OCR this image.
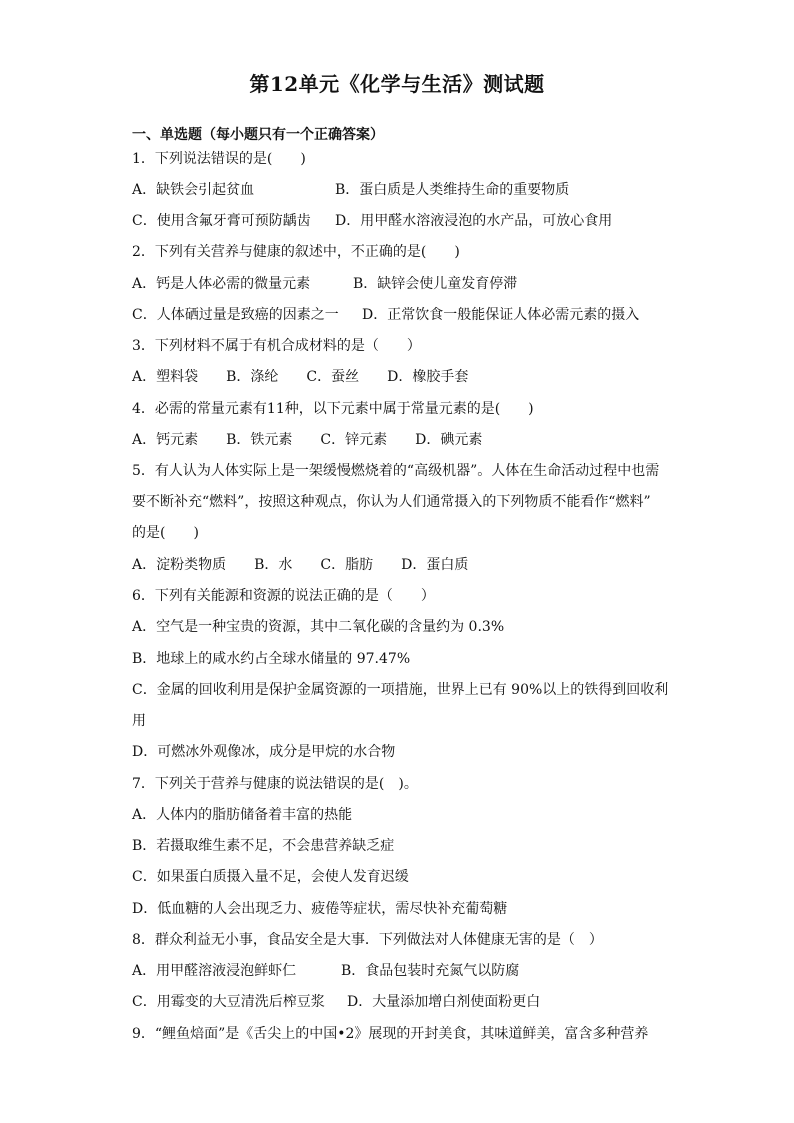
第12单元《化学与生活》测试题
一、单选题（每小题只有一个正确答案）
1．下列说法错误的是(　　)
A．缺铁会引起贫血	B．蛋白质是人类维持生命的重要物质
C．使用含氟牙膏可预防龋齿 D．用甲醛水溶液浸泡的水产品，可放心食用
2．下列有关营养与健康的叙述中，不正确的是(　　)
A．钙是人体必需的微量元素	B．缺锌会使儿童发育停滞
C．人体硒过量是致癌的因素之一 D．正常饮食一般能保证人体必需元素的摄入
3．下列材料不属于有机合成材料的是（　　）
A．塑料袋　　B．涤纶　　C．蚕丝　　D．橡胶手套
4．必需的常量元素有11种，以下元素中属于常量元素的是(　　)
A．钙元素　　B．铁元素　　C．锌元素　　D．碘元素
5．有人认为人体实际上是一架缓慢燃烧着的“高级机器”。人体在生命活动过程中也需
要不断补充“燃料”，按照这种观点，你认为人们通常摄入的下列物质不能看作“燃料”
的是(　　)
A．淀粉类物质　　B．水　　C．脂肪　　D．蛋白质
6．下列有关能源和资源的说法正确的是（　　）
A．空气是一种宝贵的资源，其中二氧化碳的含量约为 0.3%
B．地球上的咸水约占全球水储量的 97.47%
C．金属的回收利用是保护金属资源的一项措施，世界上已有 90%以上的铁得到回收利
用
D．可燃冰外观像冰，成分是甲烷的水合物
7．下列关于营养与健康的说法错误的是(　)。
A．人体内的脂肪储备着丰富的热能
B．若摄取维生素不足，不会患营养缺乏症
C．如果蛋白质摄入量不足，会使人发育迟缓
D．低血糖的人会出现乏力、疲倦等症状，需尽快补充葡萄糖
8．群众利益无小事，食品安全是大事．下列做法对人体健康无害的是（　）
A．用甲醛溶液浸泡鲜虾仁	B．食品包装时充氮气以防腐
C．用霉变的大豆清洗后榨豆浆 D．大量添加增白剂使面粉更白
9．“鲤鱼焙面”是《舌尖上的中国•2》展现的开封美食，其味道鲜美，富含多种营养
